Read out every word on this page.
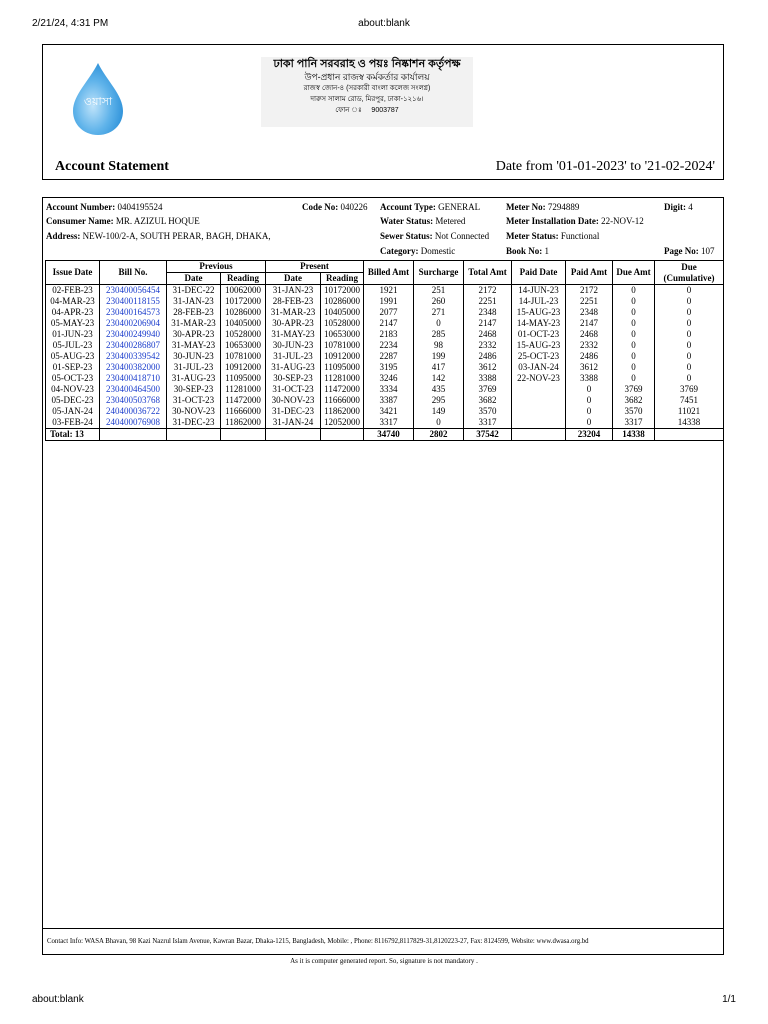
2/21/24, 4:31 PM	about:blank
ওয়াসা
ঢাকা পানি সরবরাহ ও পয়ঃ নিষ্কাশন কর্তৃপক্ষ
উপ-প্রধান রাজস্ব কর্মকর্তার কার্যালয়
রাজস্ব জোন-৪ (সরকারী বাংলা কলেজ সংলগ্ন)
দারুস সালাম রোড, মিরপুর, ঢাকা-১২১৬।
ফোন ঃ 9003787
Account Statement	Date from '01-01-2023' to '21-02-2024'
Account Number: 0404195524	Code No: 040226 Account Type: GENERAL	Meter No: 7294889	Digit: 4
Consumer Name: MR. AZIZUL HOQUE	Water Status: Metered	Meter Installation Date: 22-NOV-12
Address: NEW-100/2-A, SOUTH PERAR, BAGH, DHAKA,	Sewer Status: Not Connected Meter Status: Functional
Category: Domestic	Book No: 1	Page No: 107
Issue Date	Bill No.	Previous		Present		Billed Amt	Surcharge	Total Amt	Paid Date	Paid Amt	Due Amt	Due (Cumulative)
		Date	Reading	Date	Reading							
02-FEB-23	230400056454	31-DEC-22	10062000	31-JAN-23	10172000	1921	251	2172	14-JUN-23	2172	0	0
04-MAR-23	230400118155	31-JAN-23	10172000	28-FEB-23	10286000	1991	260	2251	14-JUL-23	2251	0	0
04-APR-23	230400164573	28-FEB-23	10286000	31-MAR-23	10405000	2077	271	2348	15-AUG-23	2348	0	0
05-MAY-23	230400206904	31-MAR-23	10405000	30-APR-23	10528000	2147	0	2147	14-MAY-23	2147	0	0
01-JUN-23	230400249940	30-APR-23	10528000	31-MAY-23	10653000	2183	285	2468	01-OCT-23	2468	0	0
05-JUL-23	230400286807	31-MAY-23	10653000	30-JUN-23	10781000	2234	98	2332	15-AUG-23	2332	0	0
05-AUG-23	230400339542	30-JUN-23	10781000	31-JUL-23	10912000	2287	199	2486	25-OCT-23	2486	0	0
01-SEP-23	230400382000	31-JUL-23	10912000	31-AUG-23	11095000	3195	417	3612	03-JAN-24	3612	0	0
05-OCT-23	230400418710	31-AUG-23	11095000	30-SEP-23	11281000	3246	142	3388	22-NOV-23	3388	0	0
04-NOV-23	230400464500	30-SEP-23	11281000	31-OCT-23	11472000	3334	435	3769		0	3769	3769
05-DEC-23	230400503768	31-OCT-23	11472000	30-NOV-23	11666000	3387	295	3682		0	3682	7451
05-JAN-24	240400036722	30-NOV-23	11666000	31-DEC-23	11862000	3421	149	3570		0	3570	11021
03-FEB-24	240400076908	31-DEC-23	11862000	31-JAN-24	12052000	3317	0	3317		0	3317	14338
Total: 13						34740	2802	37542		23204	14338	
Contact Info: WASA Bhavan, 98 Kazi Nazrul Islam Avenue, Kawran Bazar, Dhaka-1215, Bangladesh, Mobile: , Phone: 8116792,8117829-31,8120223-27, Fax: 8124599, Website: www.dwasa.org.bd
As it is computer generated report. So, signature is not mandatory .
about:blank	1/1
